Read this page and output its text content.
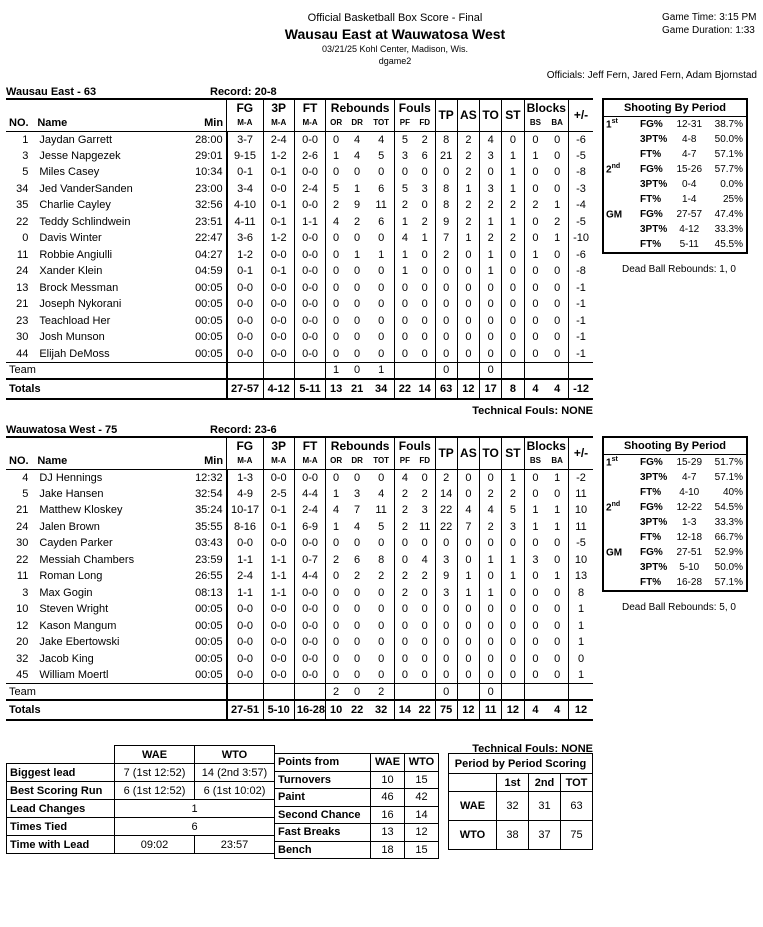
Official Basketball Box Score - Final
Wausau East at Wauwatosa West
03/21/25 Kohl Center, Madison, Wis.
dgame2
Game Time: 3:15 PM
Game Duration: 1:33
Officials: Jeff Fern, Jared Fern, Adam Bjornstad
Wausau East - 63	Record: 20-8
			FG	3P	FT	Rebounds			Fouls		TP	AS	TO	ST	Blocks		+/-
NO.	Name	Min	M-A	M-A	M-A	OR	DR	TOT	PF	FD					BS	BA	
1	Jaydan Garrett	28:00	3-7	2-4	0-0	0	4	4	5	2	8	2	4	0	0	0	-6
3	Jesse Napgezek	29:01	9-15	1-2	2-6	1	4	5	3	6	21	2	3	1	1	0	-5
5	Miles Casey	10:34	0-1	0-1	0-0	0	0	0	0	0	0	2	0	1	0	0	-8
34	Jed VanderSanden	23:00	3-4	0-0	2-4	5	1	6	5	3	8	1	3	1	0	0	-3
35	Charlie Cayley	32:56	4-10	0-1	0-0	2	9	11	2	0	8	2	2	2	2	1	-4
22	Teddy Schlindwein	23:51	4-11	0-1	1-1	4	2	6	1	2	9	2	1	1	0	2	-5
0	Davis Winter	22:47	3-6	1-2	0-0	0	0	0	4	1	7	1	2	2	0	1	-10
11	Robbie Angiulli	04:27	1-2	0-0	0-0	0	1	1	1	0	2	0	1	0	1	0	-6
24	Xander Klein	04:59	0-1	0-1	0-0	0	0	0	1	0	0	0	1	0	0	0	-8
13	Brock Messman	00:05	0-0	0-0	0-0	0	0	0	0	0	0	0	0	0	0	0	-1
21	Joseph Nykorani	00:05	0-0	0-0	0-0	0	0	0	0	0	0	0	0	0	0	0	-1
23	Teachload Her	00:05	0-0	0-0	0-0	0	0	0	0	0	0	0	0	0	0	0	-1
30	Josh Munson	00:05	0-0	0-0	0-0	0	0	0	0	0	0	0	0	0	0	0	-1
44	Elijah DeMoss	00:05	0-0	0-0	0-0	0	0	0	0	0	0	0	0	0	0	0	-1
Team						1	0	1			0		0				
Totals			27-57	4-12	5-11	13	21	34	22	14	63	12	17	8	4	4	-12
Technical Fouls: NONE
Shooting By Period
1st	FG%	12-31	38.7%
	3PT%	4-8	50.0%
	FT%	4-7	57.1%
2nd	FG%	15-26	57.7%
	3PT%	0-4	0.0%
	FT%	1-4	25%
GM	FG%	27-57	47.4%
	3PT%	4-12	33.3%
	FT%	5-11	45.5%
Dead Ball Rebounds: 1, 0
Wauwatosa West - 75	Record: 23-6
			FG	3P	FT	Rebounds			Fouls		TP	AS	TO	ST	Blocks		+/-
NO.	Name	Min	M-A	M-A	M-A	OR	DR	TOT	PF	FD					BS	BA	
4	DJ Hennings	12:32	1-3	0-0	0-0	0	0	0	4	0	2	0	0	1	0	1	-2
5	Jake Hansen	32:54	4-9	2-5	4-4	1	3	4	2	2	14	0	2	2	0	0	11
21	Matthew Kloskey	35:24	10-17	0-1	2-4	4	7	11	2	3	22	4	4	5	1	1	10
24	Jalen Brown	35:55	8-16	0-1	6-9	1	4	5	2	11	22	7	2	3	1	1	11
30	Cayden Parker	03:43	0-0	0-0	0-0	0	0	0	0	0	0	0	0	0	0	0	-5
22	Messiah Chambers	23:59	1-1	1-1	0-7	2	6	8	0	4	3	0	1	1	3	0	10
11	Roman Long	26:55	2-4	1-1	4-4	0	2	2	2	2	9	1	0	1	0	1	13
3	Max Gogin	08:13	1-1	1-1	0-0	0	0	0	2	0	3	1	1	0	0	0	8
10	Steven Wright	00:05	0-0	0-0	0-0	0	0	0	0	0	0	0	0	0	0	0	1
12	Kason Mangum	00:05	0-0	0-0	0-0	0	0	0	0	0	0	0	0	0	0	0	1
20	Jake Ebertowski	00:05	0-0	0-0	0-0	0	0	0	0	0	0	0	0	0	0	0	1
32	Jacob King	00:05	0-0	0-0	0-0	0	0	0	0	0	0	0	0	0	0	0	0
45	William Moertl	00:05	0-0	0-0	0-0	0	0	0	0	0	0	0	0	0	0	0	1
Team						2	0	2			0		0				
Totals			27-51	5-10	16-28	10	22	32	14	22	75	12	11	12	4	4	12
Technical Fouls: NONE
Shooting By Period
1st	FG%	15-29	51.7%
	3PT%	4-7	57.1%
	FT%	4-10	40%
2nd	FG%	12-22	54.5%
	3PT%	1-3	33.3%
	FT%	12-18	66.7%
GM	FG%	27-51	52.9%
	3PT%	5-10	50.0%
	FT%	16-28	57.1%
Dead Ball Rebounds: 5, 0
	WAE	WTO
Biggest lead	7 (1st 12:52)	14 (2nd 3:57)
Best Scoring Run	6 (1st 12:52)	6 (1st 10:02)
Lead Changes	1	
Times Tied	6	
Time with Lead	09:02	23:57
Points from	WAE	WTO
Turnovers	10	15
Paint	46	42
Second Chance	16	14
Fast Breaks	13	12
Bench	18	15
Period by Period Scoring			
	1st	2nd	TOT
WAE	32	31	63
WTO	38	37	75
